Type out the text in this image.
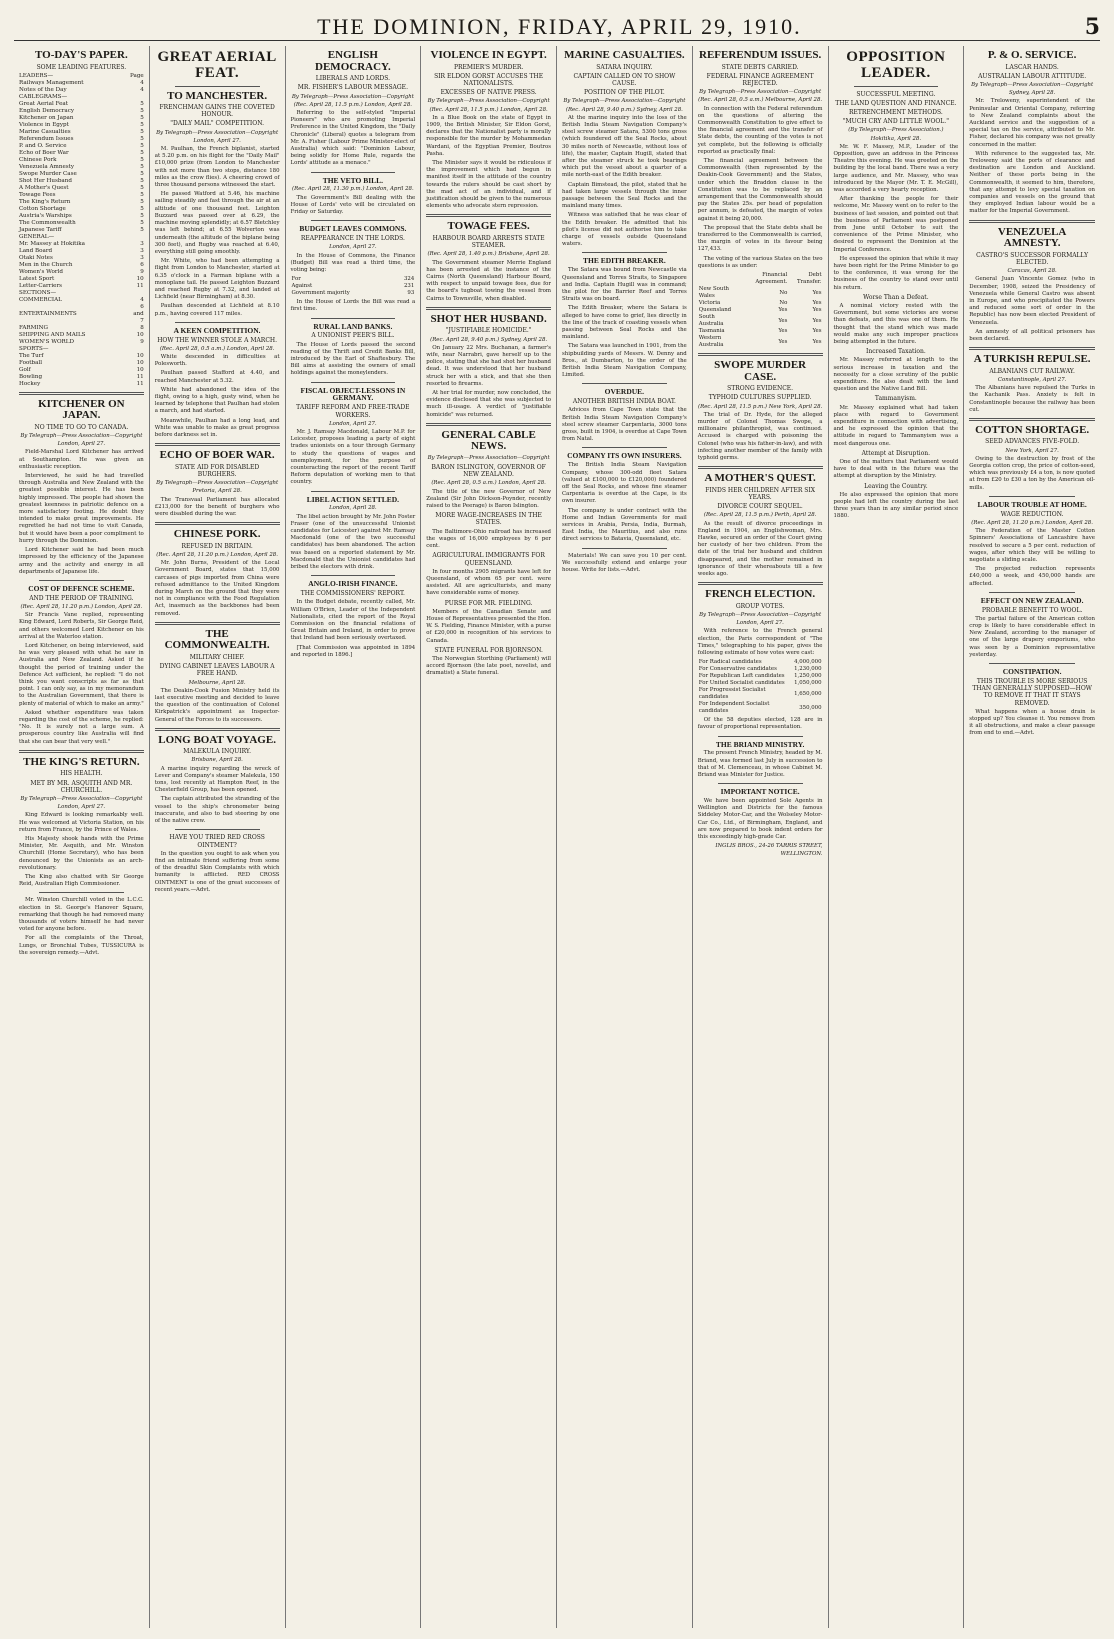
THE DOMINION, FRIDAY, APRIL 29, 1910.	5
TO-DAY'S PAPER.
SOME LEADING FEATURES.
LEADERS—	Page
Railways Management	4
Notes of the Day	4
CABLEGRAMS—	
Great Aerial Feat	5
English Democracy	5
Kitchener on Japan	5
Violence in Egypt	5
Marine Casualties	5
Referendum Issues	5
P. and O. Service	5
Echo of Boer War	5
Chinese Pork	5
Venezuela Amnesty	5
Swope Murder Case	5
Shot Her Husband	5
A Mother's Quest	5
Towage Fees	5
The King's Return	5
Cotton Shortage	5
Austria's Warships	5
The Commonwealth	5
Japanese Tariff	5
GENERAL—	
Mr. Massey at Hokitika	3
Land Board	3
Otaki Notes	3
Men in the Church	6
Women's World	9
Latest Sport	10
Letter-Carriers	11
SECTIONS—	
COMMERCIAL	4
ENTERTAINMENTS	6 and 7
FARMING	8
SHIPPING AND MAILS	10
WOMEN'S WORLD	9
SPORTS—	
The Turf	10
Football	10
Golf	10
Bowling	11
Hockey	11
KITCHENER ON JAPAN.
NO TIME TO GO TO CANADA.
By Telegraph—Press Association—Copyright
London, April 27.

Field-Marshal Lord Kitchener has arrived at Southampton. He was given an enthusiastic reception.

Interviewed, he said he had travelled through Australia and New Zealand with the greatest possible interest. He has been highly impressed. The people had shown the greatest keenness in patriotic defence on a more satisfactory footing. He doubt they intended to make great improvements. He regretted he had not time to visit Canada, but it would have been a poor compliment to hurry through the Dominion.

Lord Kitchener said he had been much impressed by the efficiency of the Japanese army and the activity and energy in all departments of Japanese life.

COST OF DEFENCE SCHEME.
AND THE PERIOD OF TRAINING.
(Rec. April 28, 11.20 p.m.) London, April 28.

Sir Francis Vane replied, representing King Edward, Lord Roberts, Sir George Reid, and others welcomed Lord Kitchener on his arrival at the Waterloo station.

Lord Kitchener, on being interviewed, said he was very pleased with what he saw in Australia and New Zealand. Asked if he thought the period of training under the Defence Act sufficient, he replied: "I do not think you want conscripts as far as that point. I can only say, as in my memorandum to the Australian Government, that there is plenty of material of which to make an army."

Asked whether expenditure was taken regarding the cost of the scheme, he replied: "No. It is surely not a large sum. A prosperous country like Australia will find that she can bear that very well."

THE KING'S RETURN.
HIS HEALTH.
MET BY MR. ASQUITH AND MR. CHURCHILL.
By Telegraph—Press Association—Copyright
London, April 27.

King Edward is looking remarkably well. He was welcomed at Victoria Station, on his return from France, by the Prince of Wales.

His Majesty shook hands with the Prime Minister, Mr. Asquith, and Mr. Winston Churchill (Home Secretary), who has been denounced by the Unionists as an arch-revolutionary.

The King also chatted with Sir George Reid, Australian High Commissioner.

Mr. Winston Churchill voted in the L.C.C. election in St. George's Hanover Square, remarking that though he had removed many thousands of voters himself he had never voted for anyone before.

For all the complaints of the Throat, Lungs, or Bronchial Tubes, TUSSICURA is the sovereign remedy.—Advt.

GREAT AERIAL FEAT.
TO MANCHESTER.
FRENCHMAN GAINS THE COVETED HONOUR.
"DAILY MAIL" COMPETITION.
By Telegraph—Press Association—Copyright
London, April 27.

M. Paulhan, the French biplanist, started at 5.20 p.m. on his flight for the "Daily Mail" £10,000 prize (from London to Manchester with not more than two stops, distance 180 miles as the crow flies). A cheering crowd of three thousand persons witnessed the start.

He passed Watford at 5.46, his machine sailing steadily and fast through the air at an altitude of one thousand feet. Leighton Buzzard was passed over at 6.29, the machine moving splendidly; at 6.57 Bletchley was left behind; at 6.55 Wolverton was underneath (the altitude of the biplane being 300 feet), and Rugby was reached at 6.40, everything still going smoothly.

Mr. White, who had been attempting a flight from London to Manchester, started at 6.35 o'clock in a Farman biplane with a monoplane tail. He passed Leighton Buzzard and reached Rugby at 7.32, and landed at Lichfield (near Birmingham) at 8.30.

Paulhan descended at Lichfield at 8.10 p.m., having covered 117 miles.

A KEEN COMPETITION.
HOW THE WINNER STOLE A MARCH.
(Rec. April 28, 0.5 a.m.) London, April 28.

White descended in difficulties at Polesworth.

Paulhan passed Stafford at 4.40, and reached Manchester at 5.32.

White had abandoned the idea of the flight, owing to a high, gusty wind, when he learned by telephone that Paulhan had stolen a march, and had started.

Meanwhile, Paulhan had a long lead, and White was unable to make as great progress before darkness set in.

ECHO OF BOER WAR.
STATE AID FOR DISABLED BURGHERS.
By Telegraph—Press Association—Copyright
Pretoria, April 28.

The Transvaal Parliament has allocated £213,000 for the benefit of burghers who were disabled during the war.

CHINESE PORK.
REFUSED IN BRITAIN.
(Rec. April 28, 11.20 p.m.) London, April 28.

Mr. John Burns, President of the Local Government Board, states that 15,000 carcases of pigs imported from China were refused admittance to the United Kingdom during March on the ground that they were not in compliance with the Food Regulation Act, inasmuch as the backbones had been removed.

THE COMMONWEALTH.
MILITARY CHIEF.
DYING CABINET LEAVES LABOUR A FREE HAND.
Melbourne, April 28.

The Deakin-Cook Fusion Ministry held its last executive meeting and decided to leave the question of the continuation of Colonel Kirkpatrick's appointment as Inspector-General of the Forces to its successors.

LONG BOAT VOYAGE.
MALEKULA INQUIRY.
Brisbane, April 28.

A marine inquiry regarding the wreck of Lever and Company's steamer Malekula, 150 tons, lost recently at Hampton Reef, in the Chesterfield Group, has been opened.

The captain attributed the stranding of the vessel to the ship's chronometer being inaccurate, and also to bad steering by one of the native crew.

HAVE YOU TRIED RED CROSS OINTMENT?

In the question you ought to ask when you find an intimate friend suffering from some of the dreadful Skin Complaints with which humanity is afflicted. RED CROSS OINTMENT is one of the great successes of recent years.—Advt.

ENGLISH DEMOCRACY.
LIBERALS AND LORDS.
MR. FISHER'S LABOUR MESSAGE.
By Telegraph—Press Association—Copyright
(Rec. April 28, 11.5 p.m.) London, April 28.

Referring to the self-styled "Imperial Pioneers" who are promoting Imperial Preference in the United Kingdom, the "Daily Chronicle" (Liberal) quotes a telegram from Mr. A. Fisher (Labour Prime Minister-elect of Australia) which said: "Dominion Labour, being solidly for Home Rule, regards the Lords' attitude as a menace."

THE VETO BILL.
(Rec. April 28, 11.30 p.m.) London, April 28.

The Government's Bill dealing with the House of Lords' veto will be circulated on Friday or Saturday.

BUDGET LEAVES COMMONS.
REAPPEARANCE IN THE LORDS.
London, April 27.

In the House of Commons, the Finance (Budget) Bill was read a third time, the voting being:

For	324
Against	231
Government majority	93

In the House of Lords the Bill was read a first time.

RURAL LAND BANKS.
A UNIONIST PEER'S BILL.

The House of Lords passed the second reading of the Thrift and Credit Banks Bill, introduced by the Earl of Shaftesbury. The Bill aims at assisting the owners of small holdings against the moneylenders.

FISCAL OBJECT-LESSONS IN GERMANY.
TARIFF REFORM AND FREE-TRADE WORKERS.
London, April 27.

Mr. J. Ramsay Macdonald, Labour M.P. for Leicester, proposes leading a party of eight trades unionists on a tour through Germany to study the questions of wages and unemployment, for the purpose of counteracting the report of the recent Tariff Reform deputation of working men to that country.

LIBEL ACTION SETTLED.
London, April 28.

The libel action brought by Mr. John Foster Fraser (one of the unsuccessful Unionist candidates for Leicester) against Mr. Ramsay Macdonald (one of the two successful candidates) has been abandoned. The action was based on a reported statement by Mr. Macdonald that the Unionist candidates had bribed the electors with drink.

ANGLO-IRISH FINANCE.
THE COMMISSIONERS' REPORT.

In the Budget debate, recently called, Mr. William O'Brien, Leader of the Independent Nationalists, cited the report of the Royal Commission on the financial relations of Great Britain and Ireland, in order to prove that Ireland had been seriously overtaxed.

[That Commission was appointed in 1894 and reported in 1896.]

VIOLENCE IN EGYPT.
PREMIER'S MURDER.
SIR ELDON GORST ACCUSES THE NATIONALISTS.
EXCESSES OF NATIVE PRESS.
By Telegraph—Press Association—Copyright
(Rec. April 28, 11.5 p.m.) London, April 28.

In a Blue Book on the state of Egypt in 1909, the British Minister, Sir Eldon Gorst, declares that the Nationalist party is morally responsible for the murder by Mohammedan Wardani, of the Egyptian Premier, Boutros Pasha.

The Minister says it would be ridiculous if the improvement which had begun in manifest itself in the attitude of the country towards the rulers should be cast short by the mad act of an individual, and if justification should be given to the numerous elements who advocate stern repression.

TOWAGE FEES.
HARBOUR BOARD ARRESTS STATE STEAMER.
(Rec. April 28, 1.40 p.m.) Brisbane, April 28.

The Government steamer Merrie England has been arrested at the instance of the Cairns (North Queensland) Harbour Board, with respect to unpaid towage fees, due for the board's tugboat towing the vessel from Cairns to Townsville, when disabled.

SHOT HER HUSBAND.
"JUSTIFIABLE HOMICIDE."
(Rec. April 28, 9.40 p.m.) Sydney, April 28.

On January 22 Mrs. Buchanan, a farmer's wife, near Narrabri, gave herself up to the police, stating that she had shot her husband dead. It was understood that her husband struck her with a stick, and that she then resorted to firearms.

At her trial for murder, now concluded, the evidence disclosed that she was subjected to much ill-usage. A verdict of "justifiable homicide" was returned.

GENERAL CABLE NEWS.
By Telegraph—Press Association—Copyright
BARON ISLINGTON, GOVERNOR OF NEW ZEALAND.
(Rec. April 28, 0.5 a.m.) London, April 28.

The title of the new Governor of New Zealand (Sir John Dickson-Poynder, recently raised to the Peerage) is Baron Islington.

MORE WAGE-INCREASES IN THE STATES.

The Baltimore-Ohio railroad has increased the wages of 16,000 employees by 6 per cent.

AGRICULTURAL IMMIGRANTS FOR QUEENSLAND.

In four months 2905 migrants have left for Queensland, of whom 65 per cent. were assisted. All are agriculturists, and many have considerable sums of money.

PURSE FOR MR. FIELDING.

Members of the Canadian Senate and House of Representatives presented the Hon. W. S. Fielding, Finance Minister, with a purse of £20,000 in recognition of his services to Canada.

STATE FUNERAL FOR BJORNSON.

The Norwegian Storthing (Parliament) will accord Bjornson (the late poet, novelist, and dramatist) a State funeral.

MARINE CASUALTIES.
SATARA INQUIRY.
CAPTAIN CALLED ON TO SHOW CAUSE.
POSITION OF THE PILOT.
By Telegraph—Press Association—Copyright
(Rec. April 28, 9.40 p.m.) Sydney, April 28.

At the marine inquiry into the loss of the British India Steam Navigation Company's steel screw steamer Satara, 5300 tons gross (which foundered off the Seal Rocks, about 30 miles north of Newcastle, without loss of life), the master, Captain Hugill, stated that after the steamer struck he took bearings which put the vessel about a quarter of a mile north-east of the Edith breaker.

Captain Bimstead, the pilot, stated that he had taken large vessels through the inner passage between the Seal Rocks and the mainland many times.

Witness was satisfied that he was clear of the Edith breaker. He admitted that his pilot's license did not authorise him to take charge of vessels outside Queensland waters.

THE EDITH BREAKER.

The Satara was bound from Newcastle via Queensland and Torres Straits, to Singapore and India. Captain Hugill was in command; the pilot for the Barrier Reef and Torres Straits was on board.

The Edith Breaker, where the Satara is alleged to have come to grief, lies directly in the line of the track of coasting vessels when passing between Seal Rocks and the mainland.

The Satara was launched in 1901, from the shipbuilding yards of Messrs. W. Denny and Bros., at Dumbarton, to the order of the British India Steam Navigation Company, Limited.

OVERDUE.
ANOTHER BRITISH INDIA BOAT.

Advices from Cape Town state that the British India Steam Navigation Company's steel screw steamer Carpentaria, 3000 tons gross, built in 1904, is overdue at Cape Town from Natal.

COMPANY ITS OWN INSURERS.

The British India Steam Navigation Company, whose 300-odd fleet Satara (valued at £100,000 to £120,000) foundered off the Seal Rocks, and whose fine steamer Carpentaria is overdue at the Cape, is its own insurer.

The company is under contract with the Home and Indian Governments for mail services in Arabia, Persia, India, Burmah, East India, the Mauritius, and also runs direct services to Batavia, Queensland, etc.

Materials! We can save you 10 per cent. We successfully extend and enlarge your house. Write for lists.—Advt.

REFERENDUM ISSUES.
STATE DEBTS CARRIED.
FEDERAL FINANCE AGREEMENT REJECTED.
By Telegraph—Press Association—Copyright
(Rec. April 28, 0.5 a.m.) Melbourne, April 28.

In connection with the Federal referendum on the questions of altering the Commonwealth Constitution to give effect to the financial agreement and the transfer of State debts, the counting of the votes is not yet complete, but the following is officially reported as practically final:

The financial agreement between the Commonwealth (then represented by the Deakin-Cook Government) and the States, under which the Braddon clause in the Constitution was to be replaced by an arrangement that the Commonwealth should pay the States 25s. per head of population per annum, is defeated, the margin of votes against it being 20,000.

The proposal that the State debts shall be transferred to the Commonwealth is carried, the margin of votes in its favour being 127,433.

The voting of the various States on the two questions is as under:

	Financial Agreement.	Debt Transfer.
New South Wales	No	Yes
Victoria	No	Yes
Queensland	Yes	Yes
South Australia	Yes	Yes
Tasmania	Yes	Yes
Western Australia	Yes	Yes
SWOPE MURDER CASE.
STRONG EVIDENCE.
TYPHOID CULTURES SUPPLIED.
(Rec. April 28, 11.5 p.m.) New York, April 28.

The trial of Dr. Hyde, for the alleged murder of Colonel Thomas Swope, a millionaire philanthropist, was continued. Accused is charged with poisoning the Colonel (who was his father-in-law), and with infecting another member of the family with typhoid germs.

A MOTHER'S QUEST.
FINDS HER CHILDREN AFTER SIX YEARS.
DIVORCE COURT SEQUEL.
(Rec. April 28, 11.5 p.m.) Perth, April 28.

As the result of divorce proceedings in England in 1904, an Englishwoman, Mrs. Hawke, secured an order of the Court giving her custody of her two children. From the date of the trial her husband and children disappeared, and the mother remained in ignorance of their whereabouts till a few weeks ago.

FRENCH ELECTION.
GROUP VOTES.
By Telegraph—Press Association—Copyright
London, April 27.

With reference to the French general election, the Paris correspondent of "The Times," telegraphing to his paper, gives the following estimate of how votes were cast:

For Radical candidates	4,000,000
For Conservative candidates	1,230,000
For Republican Left candidates	1,250,000
For United Socialist candidates	1,050,000
For Progressist Socialist candidates	1,650,000
For Independent Socialist candidates	350,000

Of the 58 deputies elected, 128 are in favour of proportional representation.

THE BRIAND MINISTRY.

The present French Ministry, headed by M. Briand, was formed last July in succession to that of M. Clemenceau, in whose Cabinet M. Briand was Minister for Justice.

IMPORTANT NOTICE.

We have been appointed Sole Agents in Wellington and Districts for the famous Siddeley Motor-Car, and the Wolseley Motor-Car Co., Ltd., of Birmingham, England, and are now prepared to book indent orders for this exceedingly high-grade Car.

INGLIS BROS., 24-26 TARRIS STREET, WELLINGTON.
OPPOSITION LEADER.
SUCCESSFUL MEETING.
THE LAND QUESTION AND FINANCE.
RETRENCHMENT METHODS.
"MUCH CRY AND LITTLE WOOL."
(By Telegraph—Press Association.)
Hokitika, April 28.

Mr. W. F. Massey, M.P., Leader of the Opposition, gave an address in the Princess Theatre this evening. He was greeted on the building by the local band. There was a very large audience, and Mr. Massey, who was introduced by the Mayor (Mr. T. E. McGill), was accorded a very hearty reception.

After thanking the people for their welcome, Mr. Massey went on to refer to the business of last session, and pointed out that the business of Parliament was postponed from June until October to suit the convenience of the Prime Minister, who desired to represent the Dominion at the Imperial Conference.

He expressed the opinion that while it may have been right for the Prime Minister to go to the conference, it was wrong for the business of the country to stand over until his return.

Worse Than a Defeat.

A nominal victory rested with the Government, but some victories are worse than defeats, and this was one of them. He thought that the stand which was made would make any such improper practices being attempted in the future.

Increased Taxation.

Mr. Massey referred at length to the serious increase in taxation and the necessity for a close scrutiny of the public expenditure. He also dealt with the land question and the Native Land Bill.

Tammanyism.

Mr. Massey explained what had taken place with regard to Government expenditure in connection with advertising, and he expressed the opinion that the attitude in regard to Tammanyism was a most dangerous one.

Attempt at Disruption.

One of the matters that Parliament would have to deal with in the future was the attempt at disruption by the Ministry.

Leaving the Country.

He also expressed the opinion that more people had left the country during the last three years than in any similar period since 1880.

P. & O. SERVICE.
LASCAR HANDS.
AUSTRALIAN LABOUR ATTITUDE.
By Telegraph—Press Association—Copyright
Sydney, April 28.

Mr. Treloweny, superintendent of the Peninsular and Oriental Company, referring to New Zealand complaints about the Auckland service and the suggestion of a special tax on the service, attributed to Mr. Fisher, declared his company was not greatly concerned in the matter.

With reference to the suggested tax, Mr. Treloweny said the ports of clearance and destination are London and Auckland. Neither of these ports being in the Commonwealth, it seemed to him, therefore, that any attempt to levy special taxation on companies and vessels on the ground that they employed Indian labour would be a matter for the Imperial Government.

VENEZUELA AMNESTY.
CASTRO'S SUCCESSOR FORMALLY ELECTED.
Caracas, April 28.

General Juan Vincente Gomez (who in December, 1908, seized the Presidency of Venezuela while General Castro was absent in Europe, and who precipitated the Powers and reduced some sort of order in the Republic) has now been elected President of Venezuela.

An amnesty of all political prisoners has been declared.

A TURKISH REPULSE.
ALBANIANS CUT RAILWAY.
Constantinople, April 27.

The Albanians have repulsed the Turks in the Kachanik Pass. Anxiety is felt in Constantinople because the railway has been cut.

COTTON SHORTAGE.
SEED ADVANCES FIVE-FOLD.
New York, April 27.

Owing to the destruction by frost of the Georgia cotton crop, the price of cotton-seed, which was previously £4 a ton, is now quoted at from £20 to £30 a ton by the American oil-mills.

LABOUR TROUBLE AT HOME.
WAGE REDUCTION.
(Rec. April 28, 11.20 p.m.) London, April 28.

The Federation of the Master Cotton Spinners' Associations of Lancashire have resolved to secure a 5 per cent. reduction of wages, after which they will be willing to negotiate a sliding scale.

The projected reduction represents £40,000 a week, and 450,000 hands are affected.

EFFECT ON NEW ZEALAND.
PROBABLE BENEFIT TO WOOL.

The partial failure of the American cotton crop is likely to have considerable effect in New Zealand, according to the manager of one of the large drapery emporiums, who was seen by a Dominion representative yesterday.

CONSTIPATION.
THIS TROUBLE IS MORE SERIOUS THAN GENERALLY SUPPOSED—HOW TO REMOVE IT THAT IT STAYS REMOVED.

What happens when a house drain is stopped up? You cleanse it. You remove from it all obstructions, and make a clear passage from end to end.—Advt.
